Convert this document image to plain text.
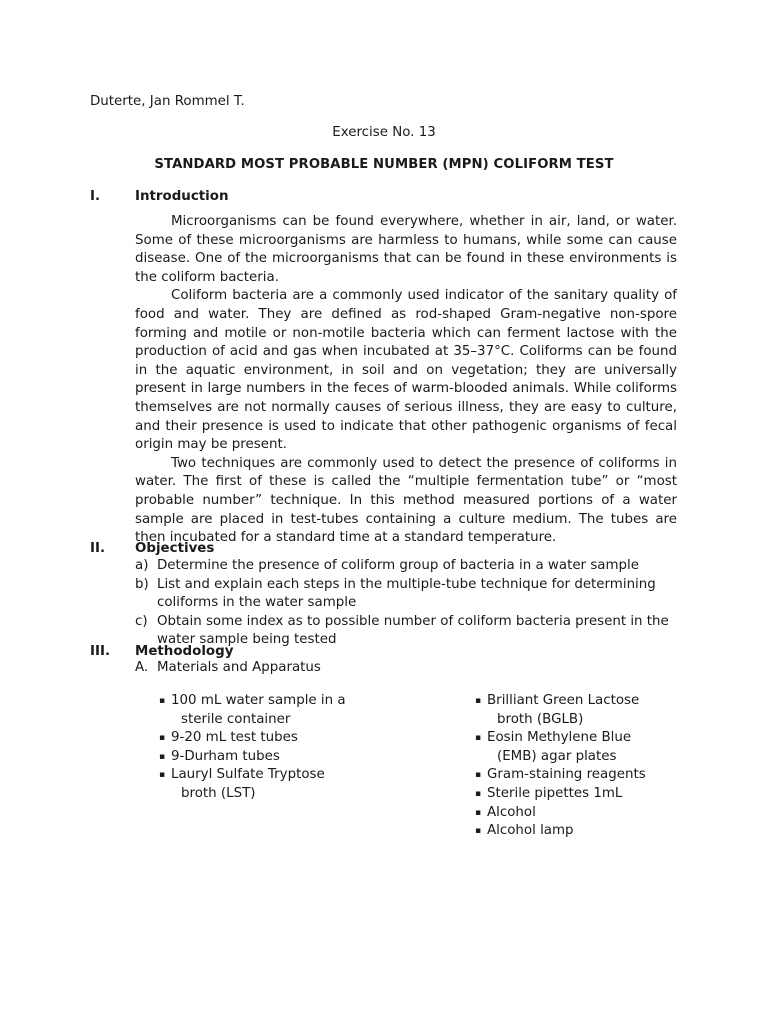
Duterte, Jan Rommel T.
Exercise No. 13
STANDARD MOST PROBABLE NUMBER (MPN) COLIFORM TEST
I.	Introduction

Microorganisms can be found everywhere, whether in air, land, or water. Some of these microorganisms are harmless to humans, while some can cause disease. One of the microorganisms that can be found in these environments is the coliform bacteria.

Coliform bacteria are a commonly used indicator of the sanitary quality of food and water. They are defined as rod-shaped Gram-negative non-spore forming and motile or non-motile bacteria which can ferment lactose with the production of acid and gas when incubated at 35–37°C. Coliforms can be found in the aquatic environment, in soil and on vegetation; they are universally present in large numbers in the feces of warm-blooded animals. While coliforms themselves are not normally causes of serious illness, they are easy to culture, and their presence is used to indicate that other pathogenic organisms of fecal origin may be present.

Two techniques are commonly used to detect the presence of coliforms in water. The first of these is called the “multiple fermentation tube” or “most probable number” technique. In this method measured portions of a water sample are placed in test-tubes containing a culture medium. The tubes are then incubated for a standard time at a standard temperature.

II. Objectives
a) Determine the presence of coliform group of bacteria in a water sample
b) List and explain each steps in the multiple-tube technique for determining coliforms in the water sample
c) Obtain some index as to possible number of coliform bacteria present in the water sample being tested
III. Methodology
A. Materials and Apparatus
▪ 100 mL water sample in a
sterile container
▪ 9-20 mL test tubes
▪ 9-Durham tubes
▪ Lauryl Sulfate Tryptose
broth (LST)
▪ Brilliant Green Lactose
broth (BGLB)
▪ Eosin Methylene Blue
(EMB) agar plates
▪ Gram-staining reagents
▪ Sterile pipettes 1mL
▪ Alcohol
▪ Alcohol lamp
